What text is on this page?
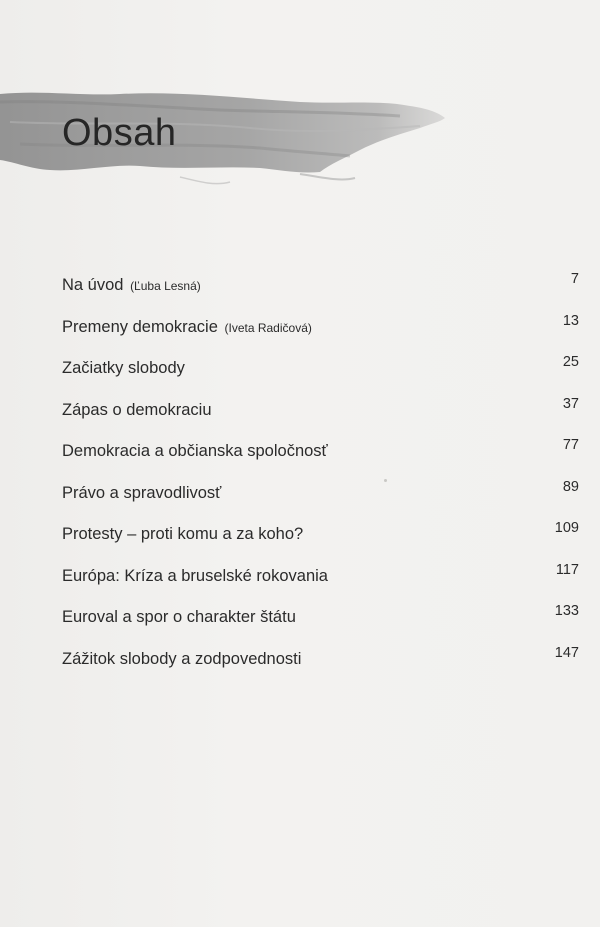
Obsah
Na úvod (Ľuba Lesná)	7
Premeny demokracie (Iveta Radičová)	13
Začiatky slobody	25
Zápas o demokraciu	37
Demokracia a občianska spoločnosť	77
Právo a spravodlivosť	89
Protesty – proti komu a za koho?	109
Európa: Kríza a bruselské rokovania	117
Euroval a spor o charakter štátu	133
Zážitok slobody a zodpovednosti	147
